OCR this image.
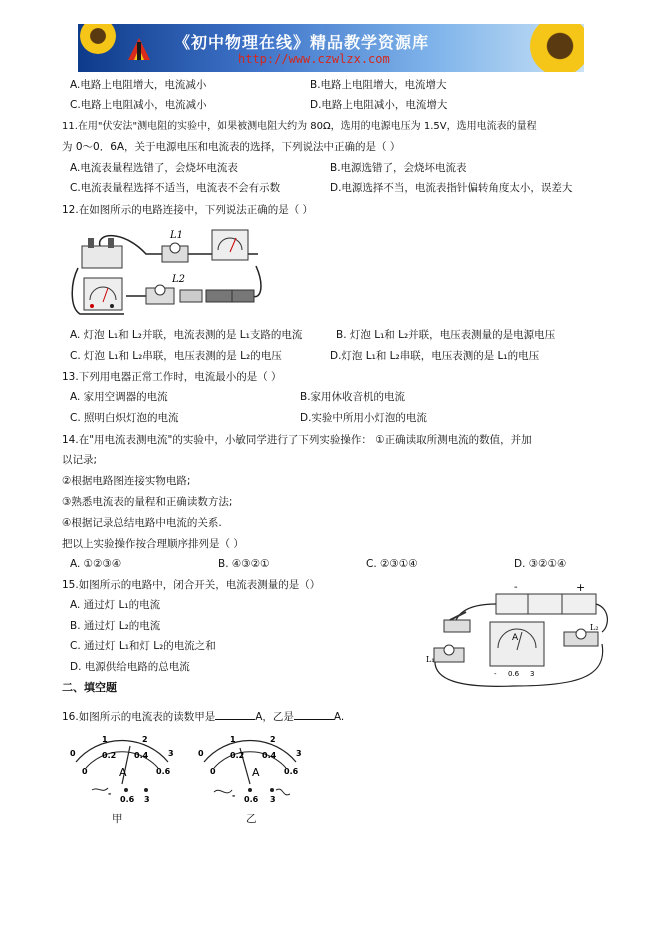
《初中物理在线》精品教学资源库
http://www.czwlzx.com
A.电路上电阻增大，电流减小	B.电路上电阻增大，电流增大
C.电路上电阻减小，电流减小	D.电路上电阻减小，电流增大
11.在用"伏安法"测电阻的实验中，如果被测电阻大约为 80Ω，选用的电源电压为 1.5V，选用电流表的量程
为 0～0．6A，关于电源电压和电流表的选择，下列说法中正确的是（ ）
A.电流表量程选错了，会烧坏电流表	B.电源选错了，会烧坏电流表
C.电流表量程选择不适当，电流表不会有示数	D.电源选择不当，电流表指针偏转角度太小，误差大
12.在如图所示的电路连接中，下列说法正确的是（ ）
L1
L2
A. 灯泡 L₁和 L₂并联，电流表测的是 L₁支路的电流	B. 灯泡 L₁和 L₂并联，电压表测量的是电源电压
C. 灯泡 L₁和 L₂串联，电压表测的是 L₂的电压	D.灯泡 L₁和 L₂串联，电压表测的是 L₁的电压
13.下列用电器正常工作时，电流最小的是（ ）
A. 家用空调器的电流	B.家用休收音机的电流
C. 照明白炽灯泡的电流	D.实验中所用小灯泡的电流
14.在"用电流表测电流"的实验中，小敏同学进行了下列实验操作： ①正确读取所测电流的数值，并加
以记录;
②根据电路图连接实物电路;
③熟悉电流表的量程和正确读数方法;
④根据记录总结电路中电流的关系.
把以上实验操作按合理顺序排列是（ ）
A. ①②③④	B. ④③②①	C. ②③①④	D. ③②①④
15.如图所示的电路中，闭合开关，电流表测量的是（）
A. 通过灯 L₁的电流
B. 通过灯 L₂的电流
C. 通过灯 L₁和灯 L₂的电流之和
D. 电源供给电路的总电流
-	+
A
- 0.6 3
L₁
L₂
二、填空题
16.如图所示的电流表的读数甲是	A，乙是	A.
0
1	2
3
0
0.2 0.4
0.6
A
-
0.6 3
甲
0
1	2
3
0
0.2 0.4
0.6
A
- 0.6 3
乙
